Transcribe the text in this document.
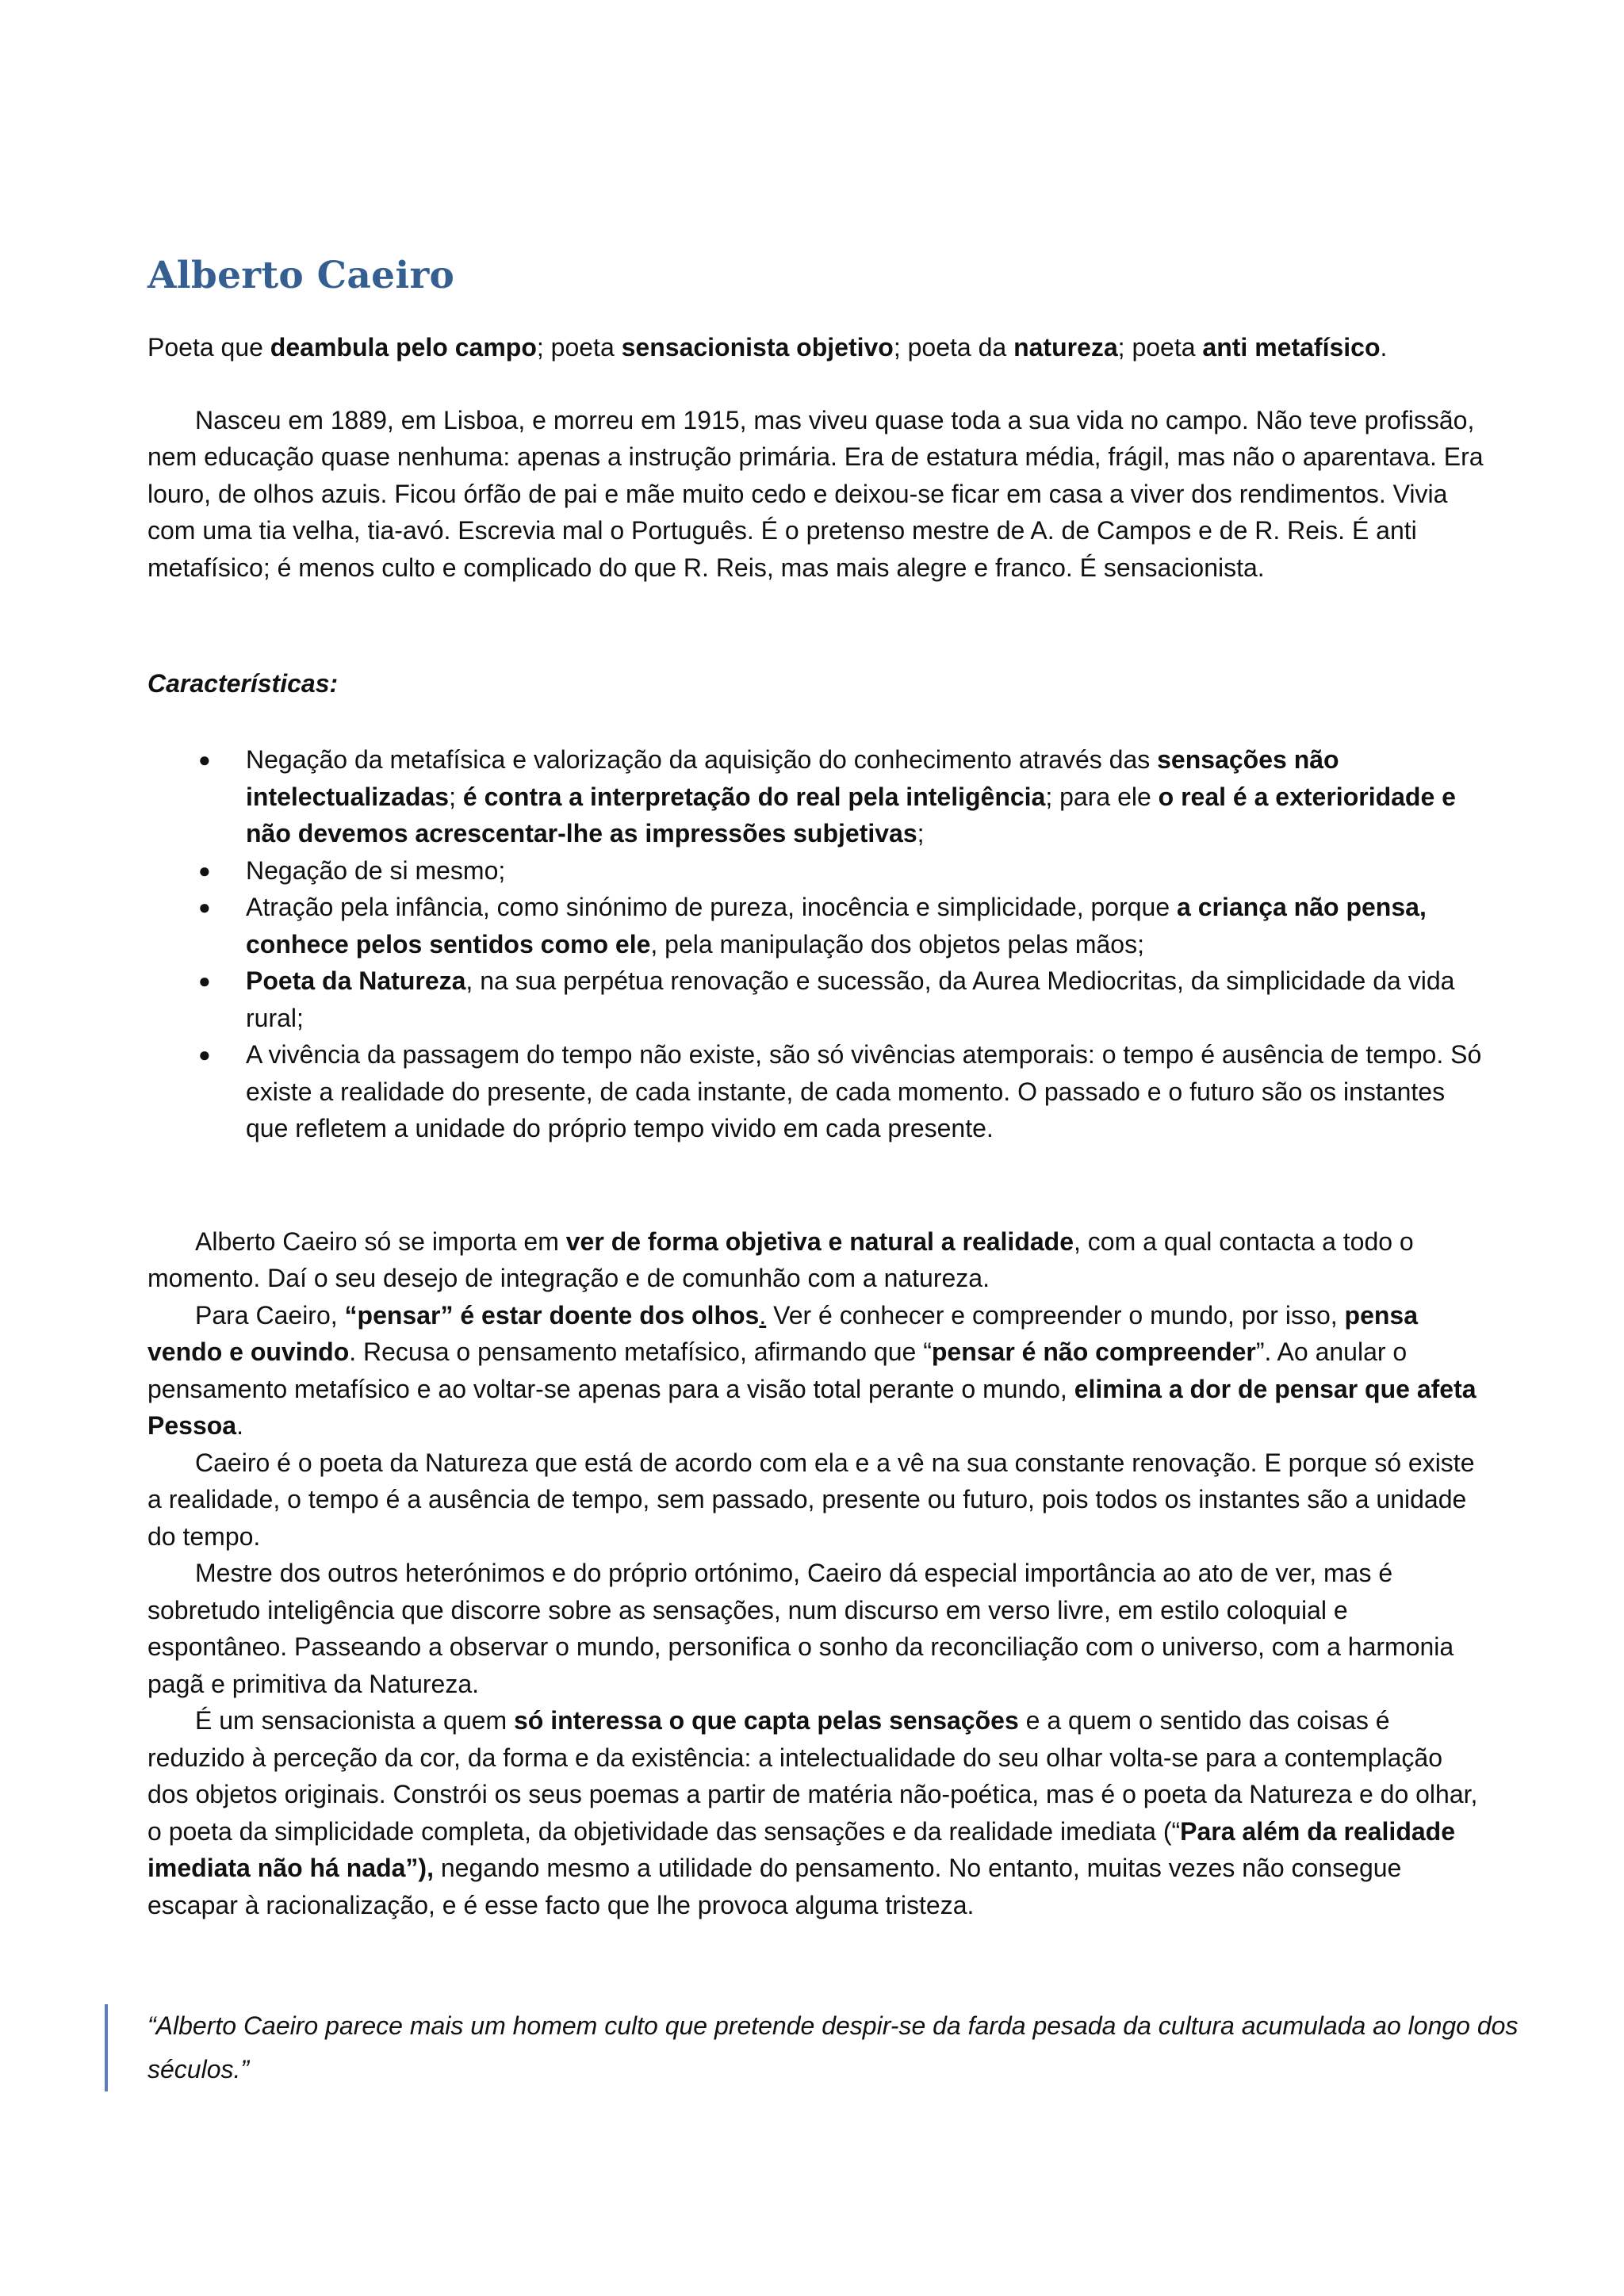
Alberto Caeiro

Poeta que deambula pelo campo; poeta sensacionista objetivo; poeta da natureza; poeta anti metafísico.

Nasceu em 1889, em Lisboa, e morreu em 1915, mas viveu quase toda a sua vida no campo. Não teve profissão, nem educação quase nenhuma: apenas a instrução primária. Era de estatura média, frágil, mas não o aparentava. Era louro, de olhos azuis. Ficou órfão de pai e mãe muito cedo e deixou-se ficar em casa a viver dos rendimentos. Vivia com uma tia velha, tia-avó. Escrevia mal o Português. É o pretenso mestre de A. de Campos e de R. Reis. É anti metafísico; é menos culto e complicado do que R. Reis, mas mais alegre e franco. É sensacionista.

Características:
● Negação da metafísica e valorização da aquisição do conhecimento através das sensações não intelectualizadas; é contra a interpretação do real pela inteligência; para ele o real é a exterioridade e não devemos acrescentar-lhe as impressões subjetivas;
● Negação de si mesmo;
● Atração pela infância, como sinónimo de pureza, inocência e simplicidade, porque a criança não pensa, conhece pelos sentidos como ele, pela manipulação dos objetos pelas mãos;
● Poeta da Natureza, na sua perpétua renovação e sucessão, da Aurea Mediocritas, da simplicidade da vida rural;
● A vivência da passagem do tempo não existe, são só vivências atemporais: o tempo é ausência de tempo. Só existe a realidade do presente, de cada instante, de cada momento. O passado e o futuro são os instantes que refletem a unidade do próprio tempo vivido em cada presente.

Alberto Caeiro só se importa em ver de forma objetiva e natural a realidade, com a qual contacta a todo o momento. Daí o seu desejo de integração e de comunhão com a natureza.

Para Caeiro, “pensar” é estar doente dos olhos. Ver é conhecer e compreender o mundo, por isso, pensa vendo e ouvindo. Recusa o pensamento metafísico, afirmando que “pensar é não compreender”. Ao anular o pensamento metafísico e ao voltar-se apenas para a visão total perante o mundo, elimina a dor de pensar que afeta Pessoa.

Caeiro é o poeta da Natureza que está de acordo com ela e a vê na sua constante renovação. E porque só existe a realidade, o tempo é a ausência de tempo, sem passado, presente ou futuro, pois todos os instantes são a unidade do tempo.

Mestre dos outros heterónimos e do próprio ortónimo, Caeiro dá especial importância ao ato de ver, mas é sobretudo inteligência que discorre sobre as sensações, num discurso em verso livre, em estilo coloquial e espontâneo. Passeando a observar o mundo, personifica o sonho da reconciliação com o universo, com a harmonia pagã e primitiva da Natureza.

É um sensacionista a quem só interessa o que capta pelas sensações e a quem o sentido das coisas é reduzido à perceção da cor, da forma e da existência: a intelectualidade do seu olhar volta-se para a contemplação dos objetos originais. Constrói os seus poemas a partir de matéria não-poética, mas é o poeta da Natureza e do olhar, o poeta da simplicidade completa, da objetividade das sensações e da realidade imediata (“Para além da realidade imediata não há nada”), negando mesmo a utilidade do pensamento. No entanto, muitas vezes não consegue escapar à racionalização, e é esse facto que lhe provoca alguma tristeza.

“Alberto Caeiro parece mais um homem culto que pretende despir-se da farda pesada da cultura acumulada ao longo dos séculos.”
